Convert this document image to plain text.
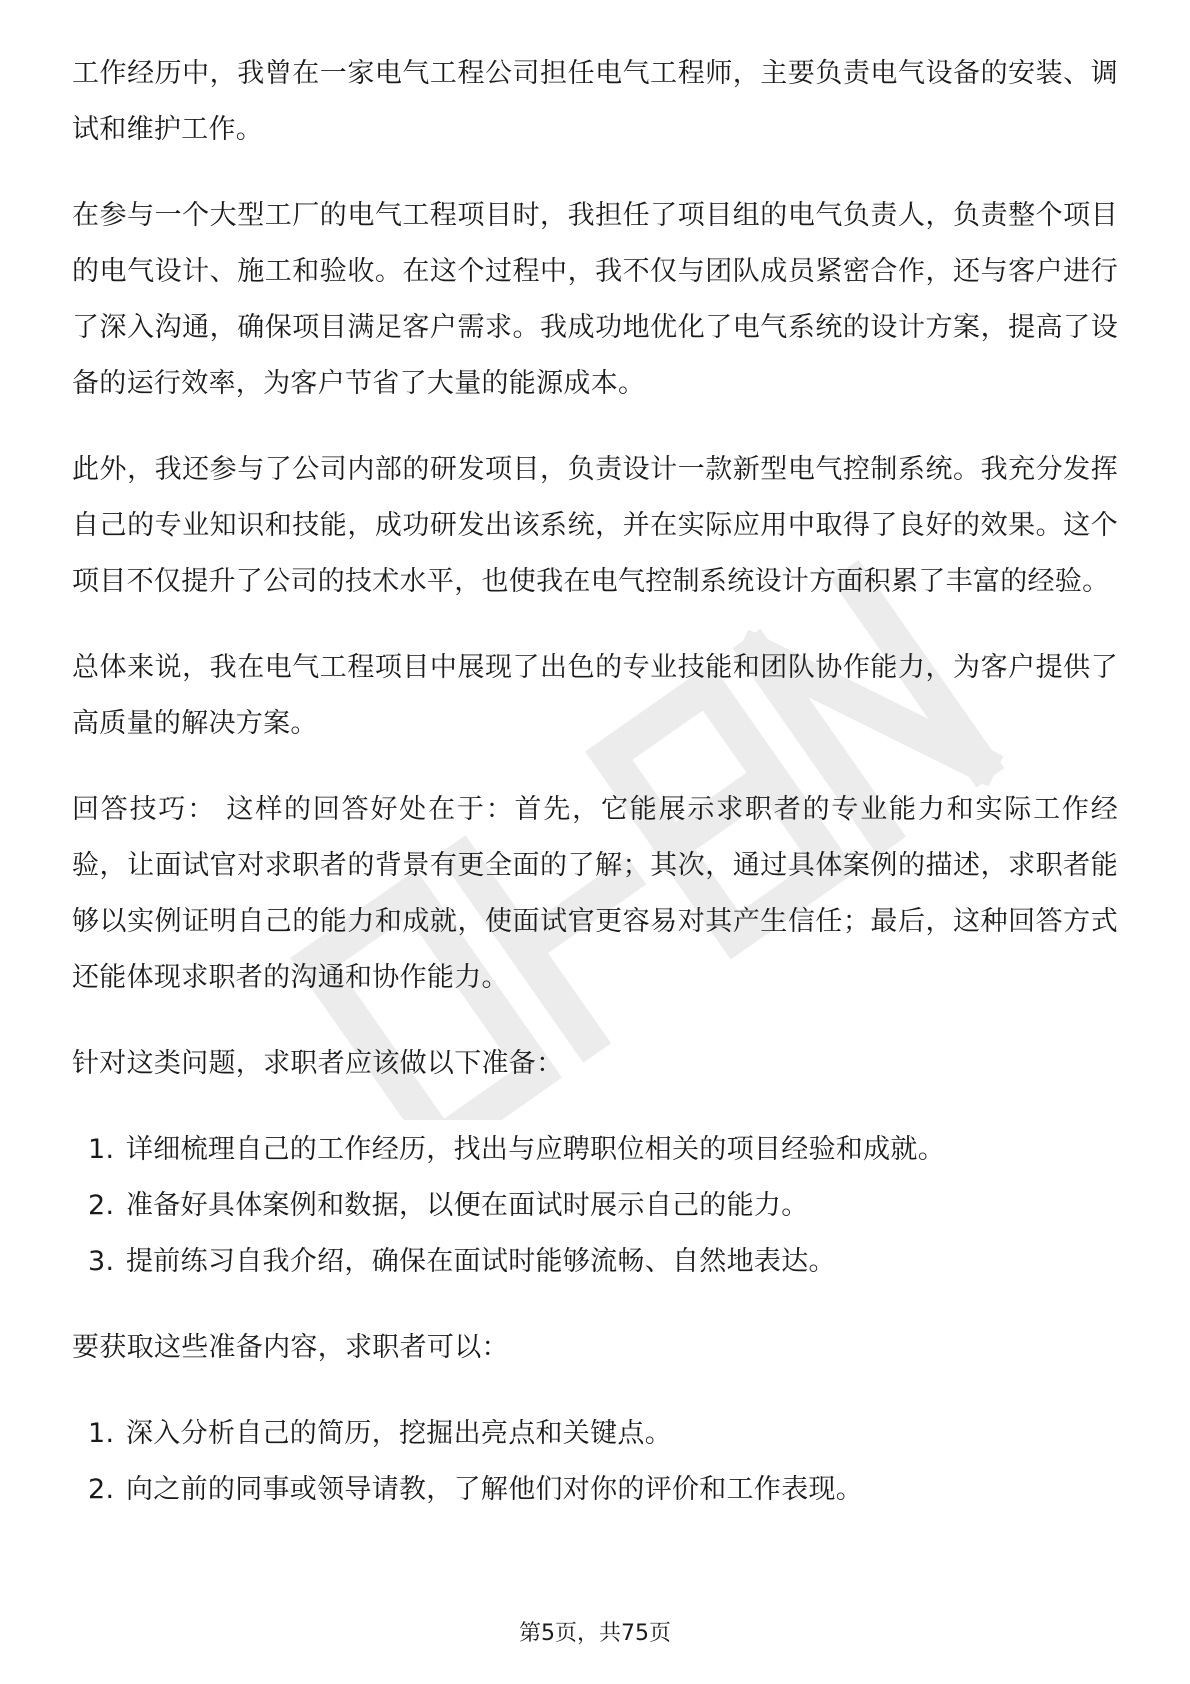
工作经历中，我曾在一家电气工程公司担任电气工程师，主要负责电气设备的安装、调试和维护工作。

在参与一个大型工厂的电气工程项目时，我担任了项目组的电气负责人，负责整个项目的电气设计、施工和验收。在这个过程中，我不仅与团队成员紧密合作，还与客户进行了深入沟通，确保项目满足客户需求。我成功地优化了电气系统的设计方案，提高了设备的运行效率，为客户节省了大量的能源成本。

此外，我还参与了公司内部的研发项目，负责设计一款新型电气控制系统。我充分发挥自己的专业知识和技能，成功研发出该系统，并在实际应用中取得了良好的效果。这个项目不仅提升了公司的技术水平，也使我在电气控制系统设计方面积累了丰富的经验。

总体来说，我在电气工程项目中展现了出色的专业技能和团队协作能力，为客户提供了高质量的解决方案。

回答技巧： 这样的回答好处在于：首先，它能展示求职者的专业能力和实际工作经验，让面试官对求职者的背景有更全面的了解；其次，通过具体案例的描述，求职者能够以实例证明自己的能力和成就，使面试官更容易对其产生信任；最后，这种回答方式还能体现求职者的沟通和协作能力。

针对这类问题，求职者应该做以下准备：

1. 详细梳理自己的工作经历，找出与应聘职位相关的项目经验和成就。
2. 准备好具体案例和数据，以便在面试时展示自己的能力。
3. 提前练习自我介绍，确保在面试时能够流畅、自然地表达。

要获取这些准备内容，求职者可以：

1. 深入分析自己的简历，挖掘出亮点和关键点。
2. 向之前的同事或领导请教，了解他们对你的评价和工作表现。
第5页，共75页
